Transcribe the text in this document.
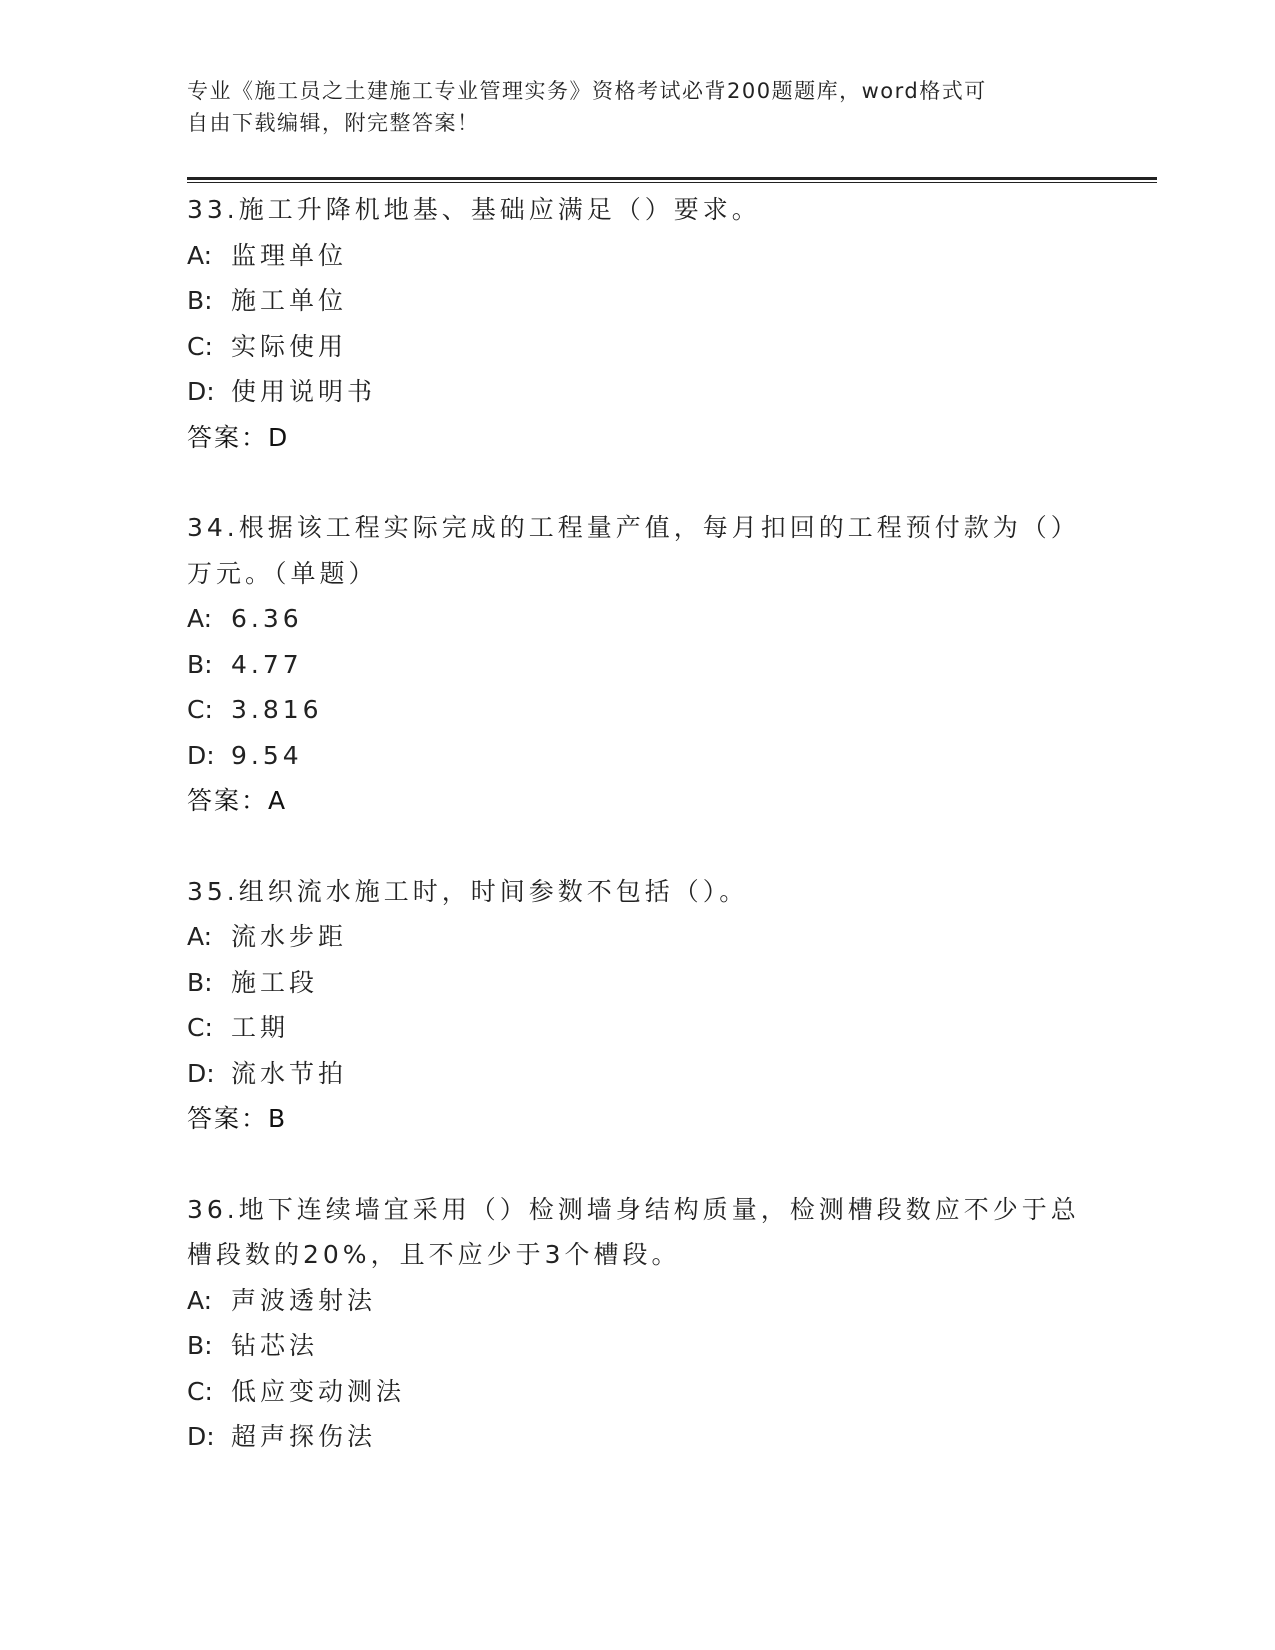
专业《施工员之土建施工专业管理实务》资格考试必背200题题库，word格式可
自由下载编辑，附完整答案！
33.施工升降机地基、基础应满足（）要求。
A: 监理单位
B: 施工单位
C: 实际使用
D: 使用说明书
答案：D
34.根据该工程实际完成的工程量产值，每月扣回的工程预付款为（）
万元。（单题）
A: 6.36
B: 4.77
C: 3.816
D: 9.54
答案：A
35.组织流水施工时，时间参数不包括（）。
A: 流水步距
B: 施工段
C: 工期
D: 流水节拍
答案：B
36.地下连续墙宜采用（）检测墙身结构质量，检测槽段数应不少于总
槽段数的20%，且不应少于3个槽段。
A: 声波透射法
B: 钻芯法
C: 低应变动测法
D: 超声探伤法
